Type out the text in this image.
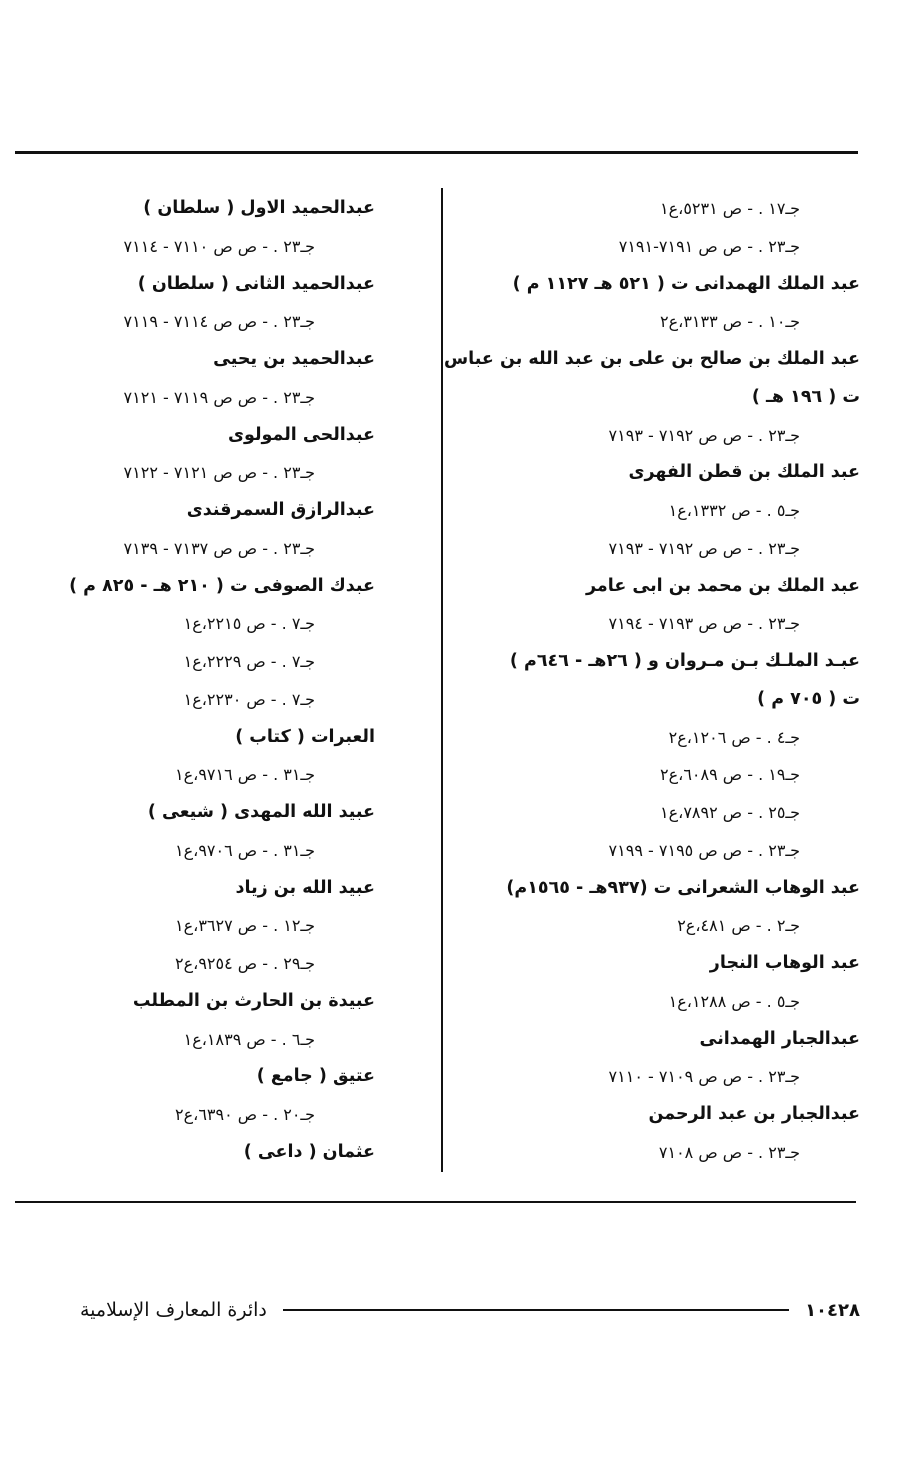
جـ١٧ . - ص ٥٢٣١،ع١
جـ٢٣ . - ص ص ٧١٩١-٧١٩١
عبد الملك الهمدانى ت ( ٥٢١ هـ ١١٢٧ م )
جـ١٠ . - ص ٣١٣٣،ع٢
عبد الملك بن صالح بن على بن عبد الله بن عباس
ت ( ١٩٦ هـ )
جـ٢٣ . - ص ص ٧١٩٢ - ٧١٩٣
عبد الملك بن قطن الفهرى
جـ٥ . - ص ١٣٣٢،ع١
جـ٢٣ . - ص ص ٧١٩٢ - ٧١٩٣
عبد الملك بن محمد بن ابى عامر
جـ٢٣ . - ص ص ٧١٩٣ - ٧١٩٤
عبـد الملـك بـن مـروان و ( ٢٦هـ - ٦٤٦م )
ت ( ٧٠٥ م )
جـ٤ . - ص ١٢٠٦،ع٢
جـ١٩ . - ص ٦٠٨٩،ع٢
جـ٢٥ . - ص ٧٨٩٢،ع١
جـ٢٣ . - ص ص ٧١٩٥ - ٧١٩٩
عبد الوهاب الشعرانى ت (٩٣٧هـ - ١٥٦٥م)
جـ٢ . - ص ٤٨١،ع٢
عبد الوهاب النجار
جـ٥ . - ص ١٢٨٨،ع١
عبدالجبار الهمدانى
جـ٢٣ . - ص ص ٧١٠٩ - ٧١١٠
عبدالجبار بن عبد الرحمن
جـ٢٣ . - ص ص ٧١٠٨
عبدالحميد الاول ( سلطان )
جـ٢٣ . - ص ص ٧١١٠ - ٧١١٤
عبدالحميد الثانى ( سلطان )
جـ٢٣ . - ص ص ٧١١٤ - ٧١١٩
عبدالحميد بن يحيى
جـ٢٣ . - ص ص ٧١١٩ - ٧١٢١
عبدالحى المولوى
جـ٢٣ . - ص ص ٧١٢١ - ٧١٢٢
عبدالرازق السمرقندى
جـ٢٣ . - ص ص ٧١٣٧ - ٧١٣٩
عبدك الصوفى ت ( ٢١٠ هـ - ٨٢٥ م )
جـ٧ . - ص ٢٢١٥،ع١
جـ٧ . - ص ٢٢٢٩،ع١
جـ٧ . - ص ٢٢٣٠،ع١
العبرات ( كتاب )
جـ٣١ . - ص ٩٧١٦،ع١
عبيد الله المهدى ( شيعى )
جـ٣١ . - ص ٩٧٠٦،ع١
عبيد الله بن زياد
جـ١٢ . - ص ٣٦٢٧،ع١
جـ٢٩ . - ص ٩٢٥٤،ع٢
عبيدة بن الحارث بن المطلب
جـ٦ . - ص ١٨٣٩،ع١
عتيق ( جامع )
جـ٢٠ . - ص ٦٣٩٠،ع٢
عثمان ( داعى )
١٠٤٢٨
دائرة المعارف الإسلامية
